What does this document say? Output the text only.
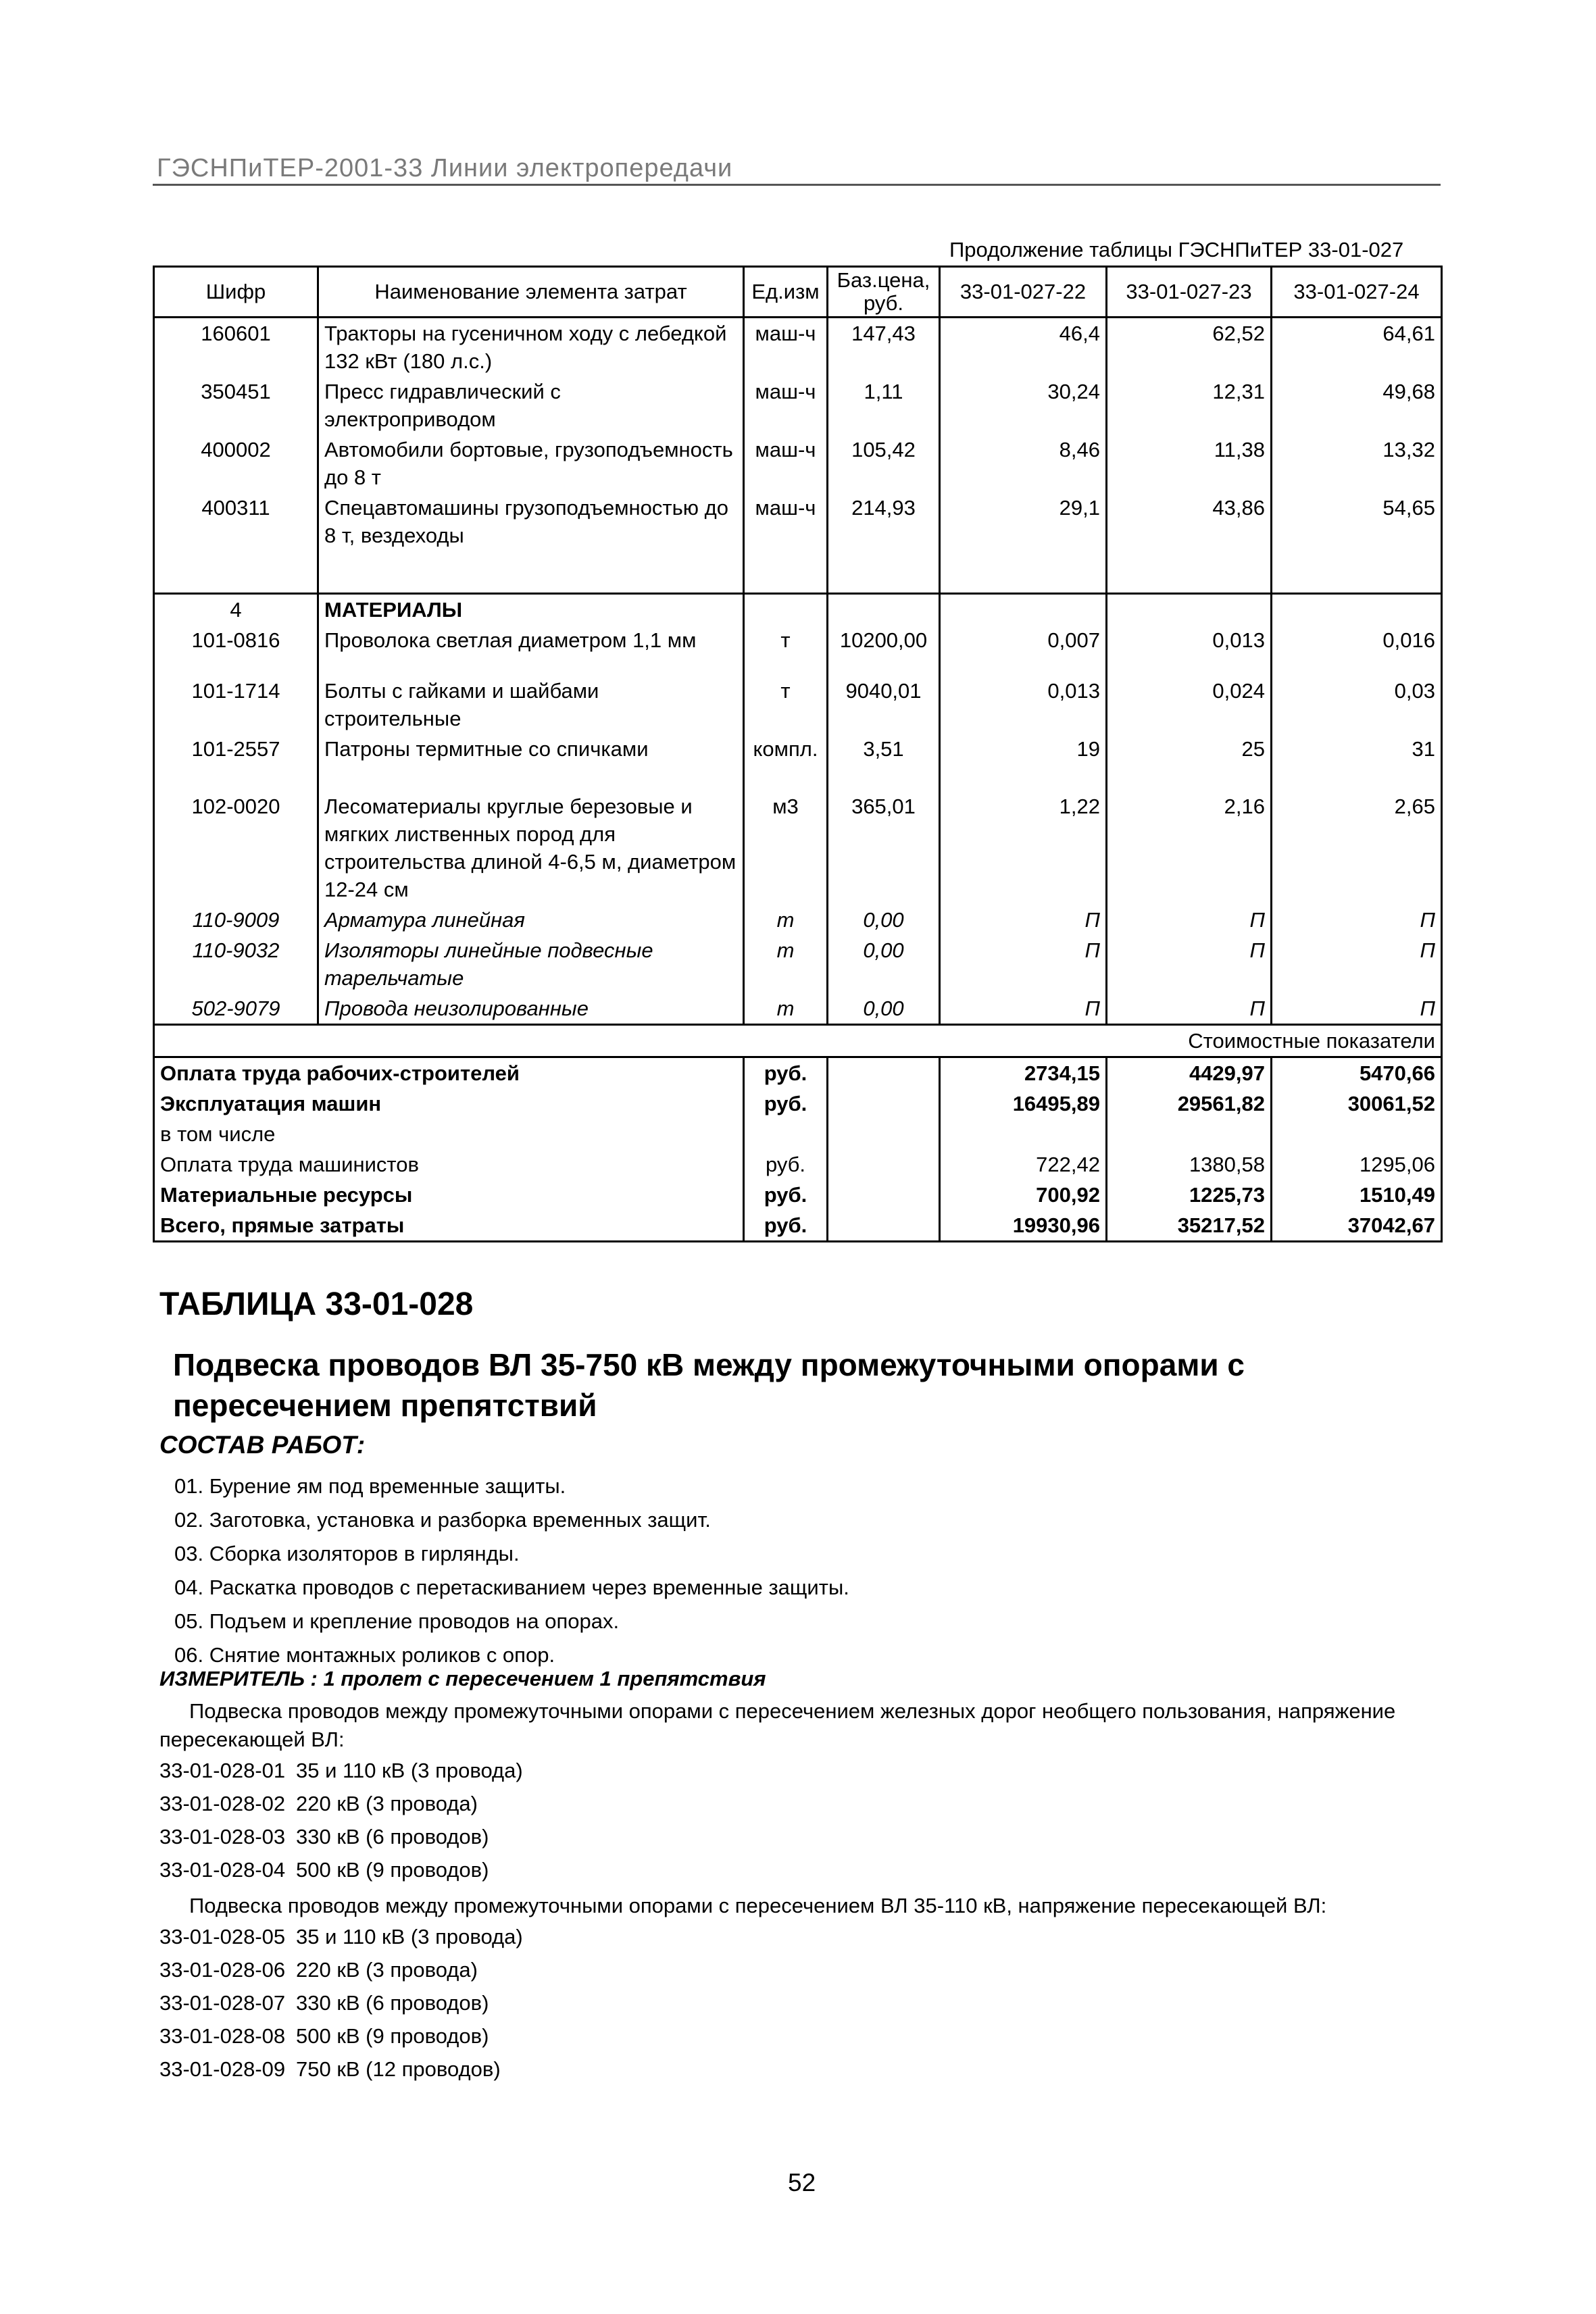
ГЭСНПиТЕР-2001-33 Линии электропередачи
Продолжение таблицы ГЭСНПиТЕР 33-01-027
Шифр	Наименование элемента затрат	Ед.изм	Баз.цена, руб.	33-01-027-22	33-01-027-23	33-01-027-24
160601	Тракторы на гусеничном ходу с лебедкой 132 кВт (180 л.с.)	маш-ч	147,43	46,4	62,52	64,61
350451	Пресс гидравлический с электроприводом	маш-ч	1,11	30,24	12,31	49,68
400002	Автомобили бортовые, грузоподъемность до 8 т	маш-ч	105,42	8,46	11,38	13,32
400311	Спецавтомашины грузоподъемностью до 8 т, вездеходы	маш-ч	214,93	29,1	43,86	54,65

4	МАТЕРИАЛЫ					
101-0816	Проволока светлая диаметром 1,1 мм	т	10200,00	0,007	0,013	0,016

101-1714	Болты с гайками и шайбами строительные	т	9040,01	0,013	0,024	0,03
101-2557	Патроны термитные со спичками	компл.	3,51	19	25	31

102-0020	Лесоматериалы круглые березовые и мягких лиственных пород для строительства длиной 4-6,5 м, диаметром 12-24 см	м3	365,01	1,22	2,16	2,65
110-9009	Арматура линейная	т	0,00	П	П	П
110-9032	Изоляторы линейные подвесные тарельчатые	т	0,00	П	П	П
502-9079	Провода неизолированные	т	0,00	П	П	П
Стоимостные показатели						
Оплата труда рабочих-строителей		руб.		2734,15	4429,97	5470,66
Эксплуатация машин		руб.		16495,89	29561,82	30061,52
в том числе						
Оплата труда машинистов		руб.		722,42	1380,58	1295,06
Материальные ресурсы		руб.		700,92	1225,73	1510,49
Всего, прямые затраты		руб.		19930,96	35217,52	37042,67
ТАБЛИЦА 33-01-028
Подвеска проводов ВЛ 35-750 кВ между промежуточными опорами с пересечением препятствий
СОСТАВ РАБОТ:
01. Бурение ям под временные защиты.
02. Заготовка, установка и разборка временных защит.
03. Сборка изоляторов в гирлянды.
04. Раскатка проводов с перетаскиванием через временные защиты.
05. Подъем и крепление проводов на опорах.
06. Снятие монтажных роликов с опор.
ИЗМЕРИТЕЛЬ : 1 пролет с пересечением 1 препятствия
Подвеска проводов между промежуточными опорами с пересечением железных дорог необщего пользования, напряжение пересекающей ВЛ:
33-01-028-01 35 и 110 кВ (3 провода)
33-01-028-02 220 кВ (3 провода)
33-01-028-03 330 кВ (6 проводов)
33-01-028-04 500 кВ (9 проводов)
Подвеска проводов между промежуточными опорами с пересечением ВЛ 35-110 кВ, напряжение пересекающей ВЛ:
33-01-028-05 35 и 110 кВ (3 провода)
33-01-028-06 220 кВ (3 провода)
33-01-028-07 330 кВ (6 проводов)
33-01-028-08 500 кВ (9 проводов)
33-01-028-09 750 кВ (12 проводов)
52
